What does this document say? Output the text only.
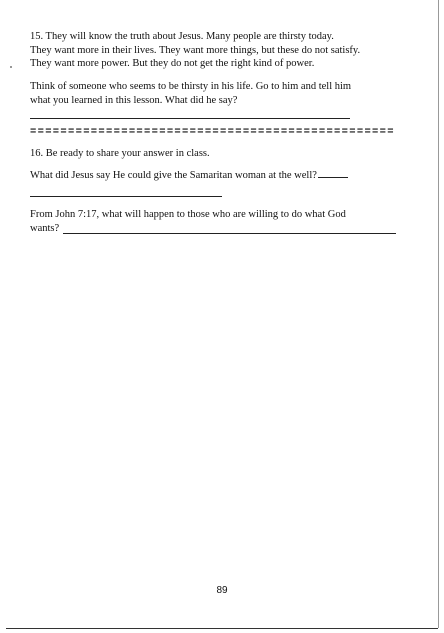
15. They will know the truth about Jesus. Many people are thirsty today.
They want more in their lives. They want more things, but these do not satisfy.
They want more power. But they do not get the right kind of power.
Think of someone who seems to be thirsty in his life. Go to him and tell him
what you learned in this lesson. What did he say?
================================================
16. Be ready to share your answer in class.
What did Jesus say He could give the Samaritan woman at the well?
From John 7:17, what will happen to those who are willing to do what God
wants?
89
